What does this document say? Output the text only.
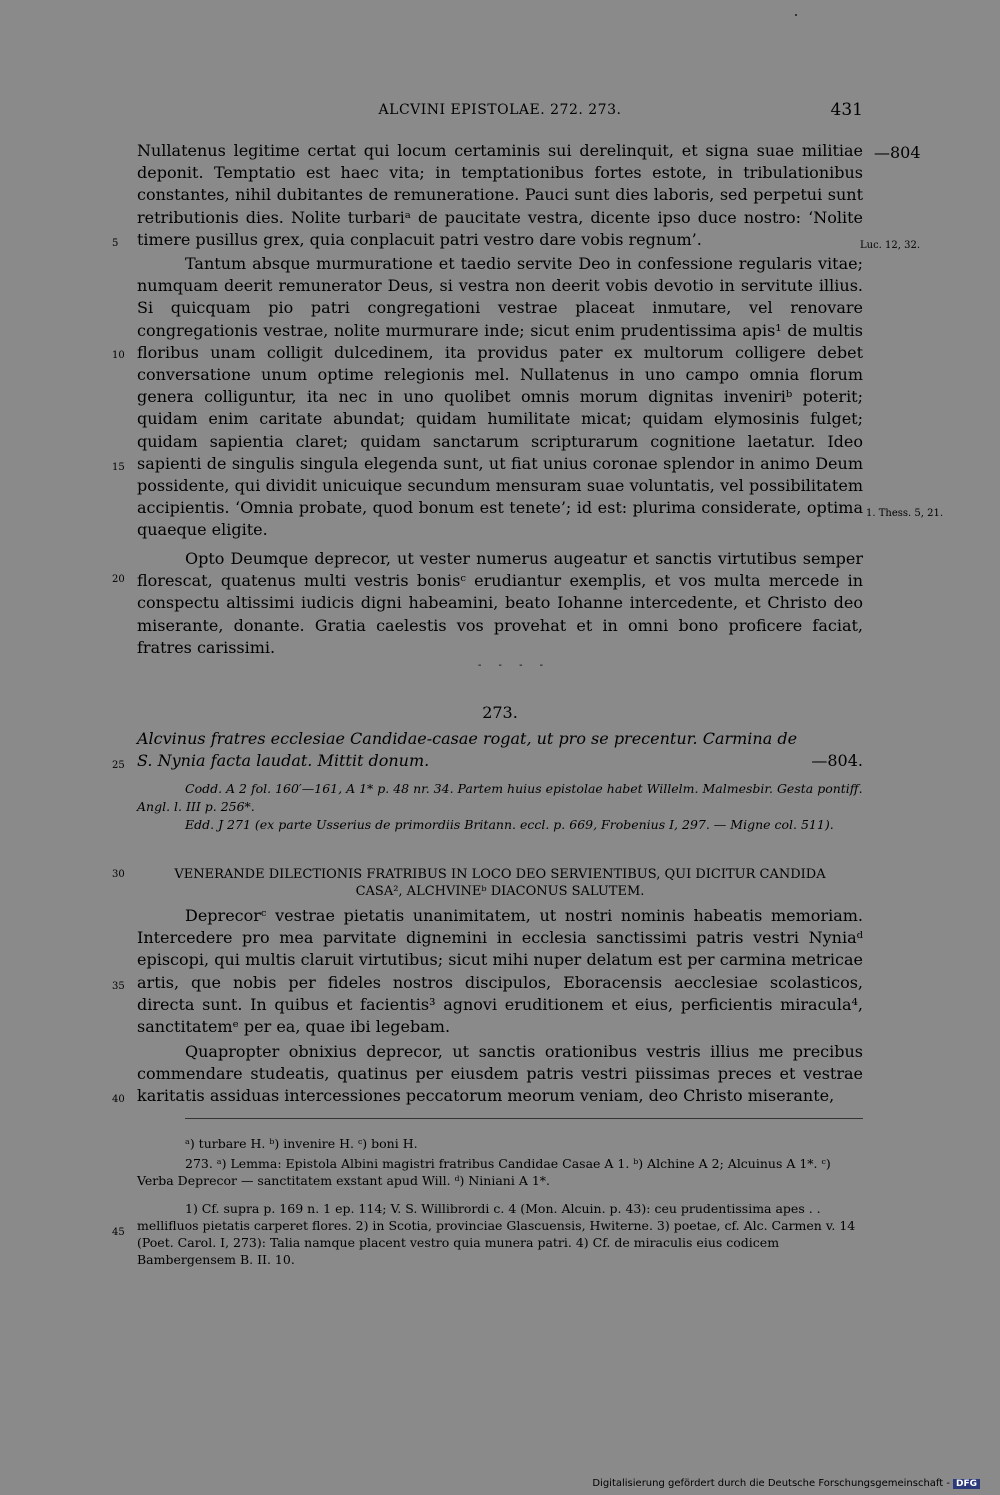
ALCVINI EPISTOLAE. 272. 273.	431
—804
Luc. 12, 32.
1. Thess. 5, 21.
5
10
15
20
25
30
35
40
45
Nullatenus legitime certat qui locum certaminis sui derelinquit, et signa suae militiae deponit. Temptatio est haec vita; in temptationibus fortes estote, in tribulationibus constantes, nihil dubitantes de remuneratione. Pauci sunt dies laboris, sed perpetui sunt retributionis dies. Nolite turbariᵃ de paucitate vestra, dicente ipso duce nostro: ‘Nolite timere pusillus grex, quia conplacuit patri vestro dare vobis regnum’.
Tantum absque murmuratione et taedio servite Deo in confessione regularis vitae; numquam deerit remunerator Deus, si vestra non deerit vobis devotio in servitute illius. Si quicquam pio patri congregationi vestrae placeat inmutare, vel renovare congregationis vestrae, nolite murmurare inde; sicut enim prudentissima apis¹ de multis floribus unam colligit dulcedinem, ita providus pater ex multorum colligere debet conversatione unum optime relegionis mel. Nullatenus in uno campo omnia florum genera colliguntur, ita nec in uno quolibet omnis morum dignitas inveniriᵇ poterit; quidam enim caritate abundat; quidam humilitate micat; quidam elymosinis fulget; quidam sapientia claret; quidam sanctarum scripturarum cognitione laetatur. Ideo sapienti de singulis singula elegenda sunt, ut fiat unius coronae splendor in animo Deum possidente, qui dividit unicuique secundum mensuram suae voluntatis, vel possibilitatem accipientis. ‘Omnia probate, quod bonum est tenete’; id est: plurima considerate, optima quaeque eligite.
Opto Deumque deprecor, ut vester numerus augeatur et sanctis virtutibus semper florescat, quatenus multi vestris bonisᶜ erudiantur exemplis, et vos multa mercede in conspectu altissimi iudicis digni habeamini, beato Iohanne intercedente, et Christo deo miserante, donante. Gratia caelestis vos provehat et in omni bono proficere faciat, fratres carissimi.
- - - -
273.
Alcvinus fratres ecclesiae Candidae-casae rogat, ut pro se precentur. Carmina de
S. Nynia facta laudat. Mittit donum.	—804.

Codd. A 2 fol. 160′—161, A 1* p. 48 nr. 34. Partem huius epistolae habet Willelm. Malmesbir. Gesta pontiff. Angl. l. III p. 256*.

Edd. J 271 (ex parte Usserius de primordiis Britann. eccl. p. 669, Frobenius I, 297. — Migne col. 511).

VENERANDE DILECTIONIS FRATRIBUS IN LOCO DEO SERVIENTIBUS, QUI DICITUR CANDIDA
CASA², ALCHVINEᵇ DIACONUS SALUTEM.
Deprecorᶜ vestrae pietatis unanimitatem, ut nostri nominis habeatis memoriam. Intercedere pro mea parvitate dignemini in ecclesia sanctissimi patris vestri Nyniaᵈ episcopi, qui multis claruit virtutibus; sicut mihi nuper delatum est per carmina metricae artis, que nobis per fideles nostros discipulos, Eboracensis aecclesiae scolasticos, directa sunt. In quibus et facientis³ agnovi eruditionem et eius, perficientis miracula⁴, sanctitatemᵉ per ea, quae ibi legebam.
Quapropter obnixius deprecor, ut sanctis orationibus vestris illius me precibus commendare studeatis, quatinus per eiusdem patris vestri piissimas preces et vestrae karitatis assiduas intercessiones peccatorum meorum veniam, deo Christo miserante,

ᵃ) turbare H. ᵇ) invenire H. ᶜ) boni H.

273. ᵃ) Lemma: Epistola Albini magistri fratribus Candidae Casae A 1. ᵇ) Alchine A 2; Alcuinus A 1*. ᶜ) Verba Deprecor — sanctitatem exstant apud Will. ᵈ) Niniani A 1*.

1) Cf. supra p. 169 n. 1 ep. 114; V. S. Willibrordi c. 4 (Mon. Alcuin. p. 43): ceu prudentissima apes . . mellifluos pietatis carperet flores. 2) in Scotia, provinciae Glascuensis, Hwiterne. 3) poetae, cf. Alc. Carmen v. 14 (Poet. Carol. I, 273): Talia namque placent vestro quia munera patri. 4) Cf. de miraculis eius codicem Bambergensem B. II. 10.

Digitalisierung gefördert durch die Deutsche Forschungsgemeinschaft - DFG
